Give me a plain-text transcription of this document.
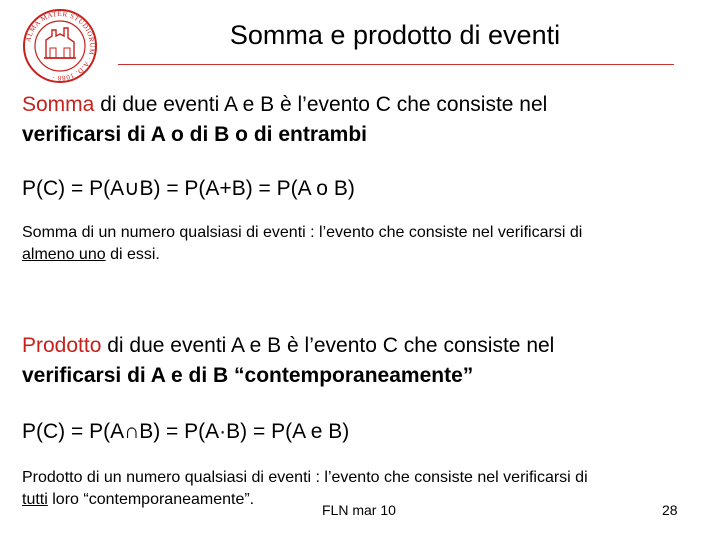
ALMA MATER STUDIORUM · A.D. 1088 ·
Somma e prodotto di eventi
Somma di due eventi A e B è l’evento C che consiste nel
verificarsi di A o di B o di entrambi
P(C) = P(A∪B) = P(A+B) = P(A o B)
Somma di un numero qualsiasi di eventi : l’evento che consiste nel verificarsi di
almeno uno di essi.
Prodotto di due eventi A e B è l’evento C che consiste nel
verificarsi di A e di B “contemporaneamente”
P(C) = P(A∩B) = P(A·B) = P(A e B)
Prodotto di un numero qualsiasi di eventi : l’evento che consiste nel verificarsi di
tutti loro “contemporaneamente”.
FLN mar 10	28
